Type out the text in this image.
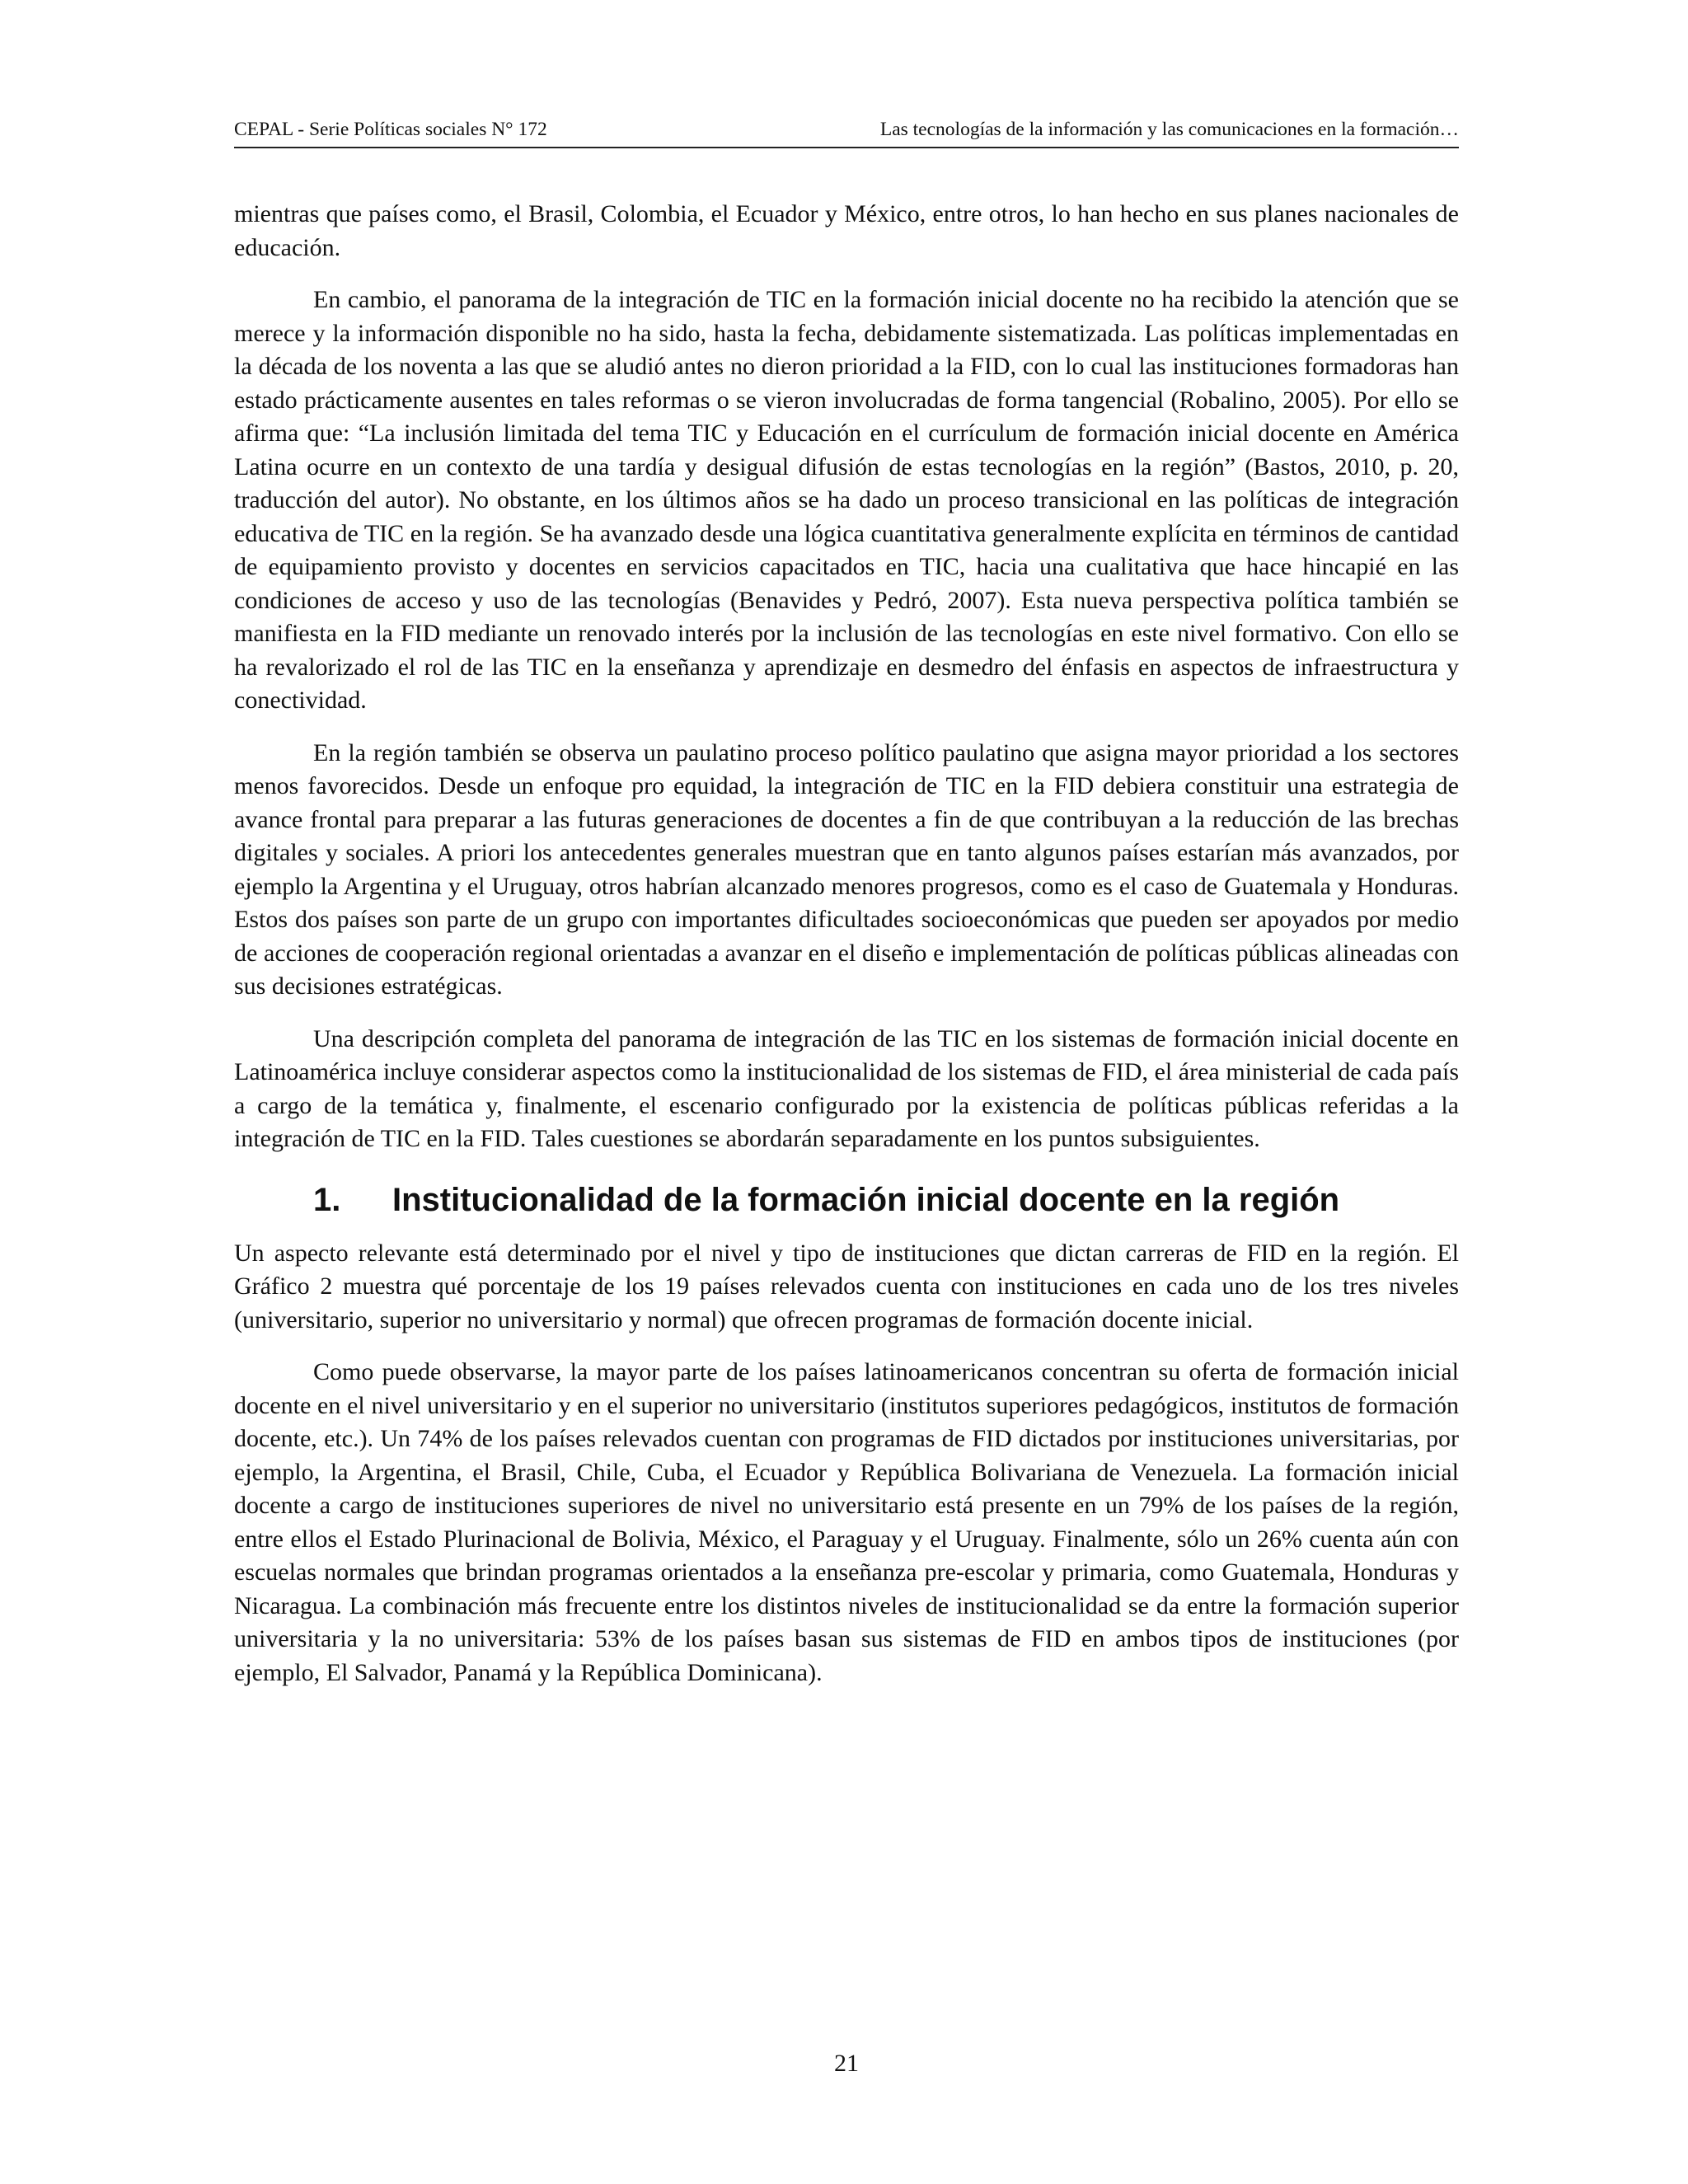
CEPAL - Serie Políticas sociales N° 172	Las tecnologías de la información y las comunicaciones en la formación…

mientras que países como, el Brasil, Colombia, el Ecuador y México, entre otros, lo han hecho en sus planes nacionales de educación.

En cambio, el panorama de la integración de TIC en la formación inicial docente no ha recibido la atención que se merece y la información disponible no ha sido, hasta la fecha, debidamente sistematizada. Las políticas implementadas en la década de los noventa a las que se aludió antes no dieron prioridad a la FID, con lo cual las instituciones formadoras han estado prácticamente ausentes en tales reformas o se vieron involucradas de forma tangencial (Robalino, 2005). Por ello se afirma que: “La inclusión limitada del tema TIC y Educación en el currículum de formación inicial docente en América Latina ocurre en un contexto de una tardía y desigual difusión de estas tecnologías en la región” (Bastos, 2010, p. 20, traducción del autor). No obstante, en los últimos años se ha dado un proceso transicional en las políticas de integración educativa de TIC en la región. Se ha avanzado desde una lógica cuantitativa generalmente explícita en términos de cantidad de equipamiento provisto y docentes en servicios capacitados en TIC, hacia una cualitativa que hace hincapié en las condiciones de acceso y uso de las tecnologías (Benavides y Pedró, 2007). Esta nueva perspectiva política también se manifiesta en la FID mediante un renovado interés por la inclusión de las tecnologías en este nivel formativo. Con ello se ha revalorizado el rol de las TIC en la enseñanza y aprendizaje en desmedro del énfasis en aspectos de infraestructura y conectividad.

En la región también se observa un paulatino proceso político paulatino que asigna mayor prioridad a los sectores menos favorecidos. Desde un enfoque pro equidad, la integración de TIC en la FID debiera constituir una estrategia de avance frontal para preparar a las futuras generaciones de docentes a fin de que contribuyan a la reducción de las brechas digitales y sociales. A priori los antecedentes generales muestran que en tanto algunos países estarían más avanzados, por ejemplo la Argentina y el Uruguay, otros habrían alcanzado menores progresos, como es el caso de Guatemala y Honduras. Estos dos países son parte de un grupo con importantes dificultades socioeconómicas que pueden ser apoyados por medio de acciones de cooperación regional orientadas a avanzar en el diseño e implementación de políticas públicas alineadas con sus decisiones estratégicas.

Una descripción completa del panorama de integración de las TIC en los sistemas de formación inicial docente en Latinoamérica incluye considerar aspectos como la institucionalidad de los sistemas de FID, el área ministerial de cada país a cargo de la temática y, finalmente, el escenario configurado por la existencia de políticas públicas referidas a la integración de TIC en la FID. Tales cuestiones se abordarán separadamente en los puntos subsiguientes.

1.	Institucionalidad de la formación inicial docente en la región

Un aspecto relevante está determinado por el nivel y tipo de instituciones que dictan carreras de FID en la región. El Gráfico 2 muestra qué porcentaje de los 19 países relevados cuenta con instituciones en cada uno de los tres niveles (universitario, superior no universitario y normal) que ofrecen programas de formación docente inicial.

Como puede observarse, la mayor parte de los países latinoamericanos concentran su oferta de formación inicial docente en el nivel universitario y en el superior no universitario (institutos superiores pedagógicos, institutos de formación docente, etc.). Un 74% de los países relevados cuentan con programas de FID dictados por instituciones universitarias, por ejemplo, la Argentina, el Brasil, Chile, Cuba, el Ecuador y República Bolivariana de Venezuela. La formación inicial docente a cargo de instituciones superiores de nivel no universitario está presente en un 79% de los países de la región, entre ellos el Estado Plurinacional de Bolivia, México, el Paraguay y el Uruguay. Finalmente, sólo un 26% cuenta aún con escuelas normales que brindan programas orientados a la enseñanza pre-escolar y primaria, como Guatemala, Honduras y Nicaragua. La combinación más frecuente entre los distintos niveles de institucionalidad se da entre la formación superior universitaria y la no universitaria: 53% de los países basan sus sistemas de FID en ambos tipos de instituciones (por ejemplo, El Salvador, Panamá y la República Dominicana).

21
